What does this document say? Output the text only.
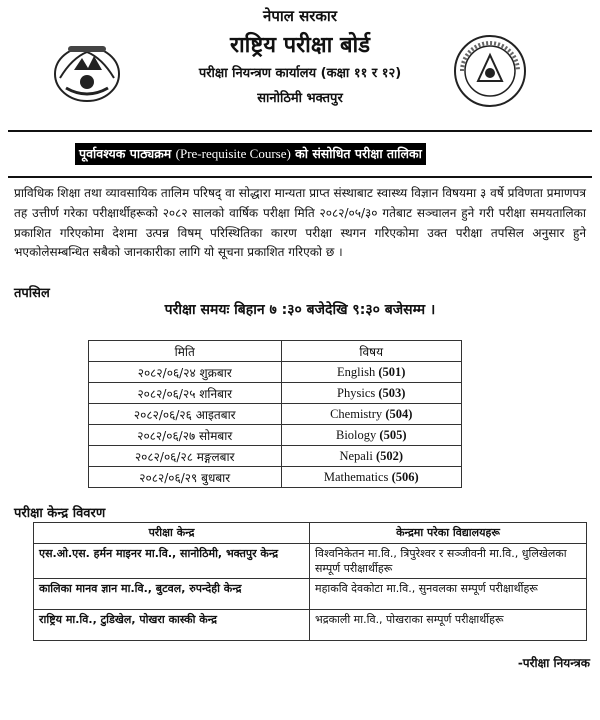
नेपाल सरकार
राष्ट्रिय परीक्षा बोर्ड
परीक्षा नियन्त्रण कार्यालय (कक्षा ११ र १२)
सानोठिमी भक्तपुर
पूर्वावश्यक पाठ्यक्रम (Pre-requisite Course) को संसोधित परीक्षा तालिका
प्राविधिक शिक्षा तथा व्यावसायिक तालिम परिषद् वा सोद्धारा मान्यता प्राप्त संस्थाबाट स्वास्थ्य विज्ञान विषयमा ३ वर्षे प्रविणता प्रमाणपत्र तह उत्तीर्ण गरेका परीक्षार्थीहरूको २०८२ सालको वार्षिक परीक्षा मिति २०८२/०५/३० गतेबाट सञ्चालन हुने गरी परीक्षा समयतालिका प्रकाशित गरिएकोमा देशमा उत्पन्न विषम् परिस्थितिका कारण परीक्षा स्थगन गरिएकोमा उक्त परीक्षा तपसिल अनुसार हुने भएकोलेसम्बन्धित सबैको जानकारीका लागि यो सूचना प्रकाशित गरिएको छ ।
तपसिल
परीक्षा समयः बिहान ७ :३० बजेदेखि ९:३० बजेसम्म ।
मिति	विषय
२०८२/०६/२४ शुक्रबार	English (501)
२०८२/०६/२५ शनिबार	Physics (503)
२०८२/०६/२६ आइतबार	Chemistry (504)
२०८२/०६/२७ सोमबार	Biology (505)
२०८२/०६/२८ मङ्गलबार	Nepali (502)
२०८२/०६/२९ बुधबार	Mathematics (506)
परीक्षा केन्द्र विवरण
परीक्षा केन्द्र	केन्द्रमा परेका विद्यालयहरू
एस.ओ.एस. हर्मन माइनर मा.वि., सानोठिमी, भक्तपुर केन्द्र	विश्वनिकेतन मा.वि., त्रिपुरेश्वर र सञ्जीवनी मा.वि., धुलिखेलका सम्पूर्ण परीक्षार्थीहरू
कालिका मानव ज्ञान मा.वि., बुटवल, रुपन्देही केन्द्र	महाकवि देवकोटा मा.वि., सुनवलका सम्पूर्ण परीक्षार्थीहरू
राष्ट्रिय मा.वि., टुडिखेल, पोखरा कास्की केन्द्र	भद्रकाली मा.वि., पोखराका सम्पूर्ण परीक्षार्थीहरू
-परीक्षा नियन्त्रक
